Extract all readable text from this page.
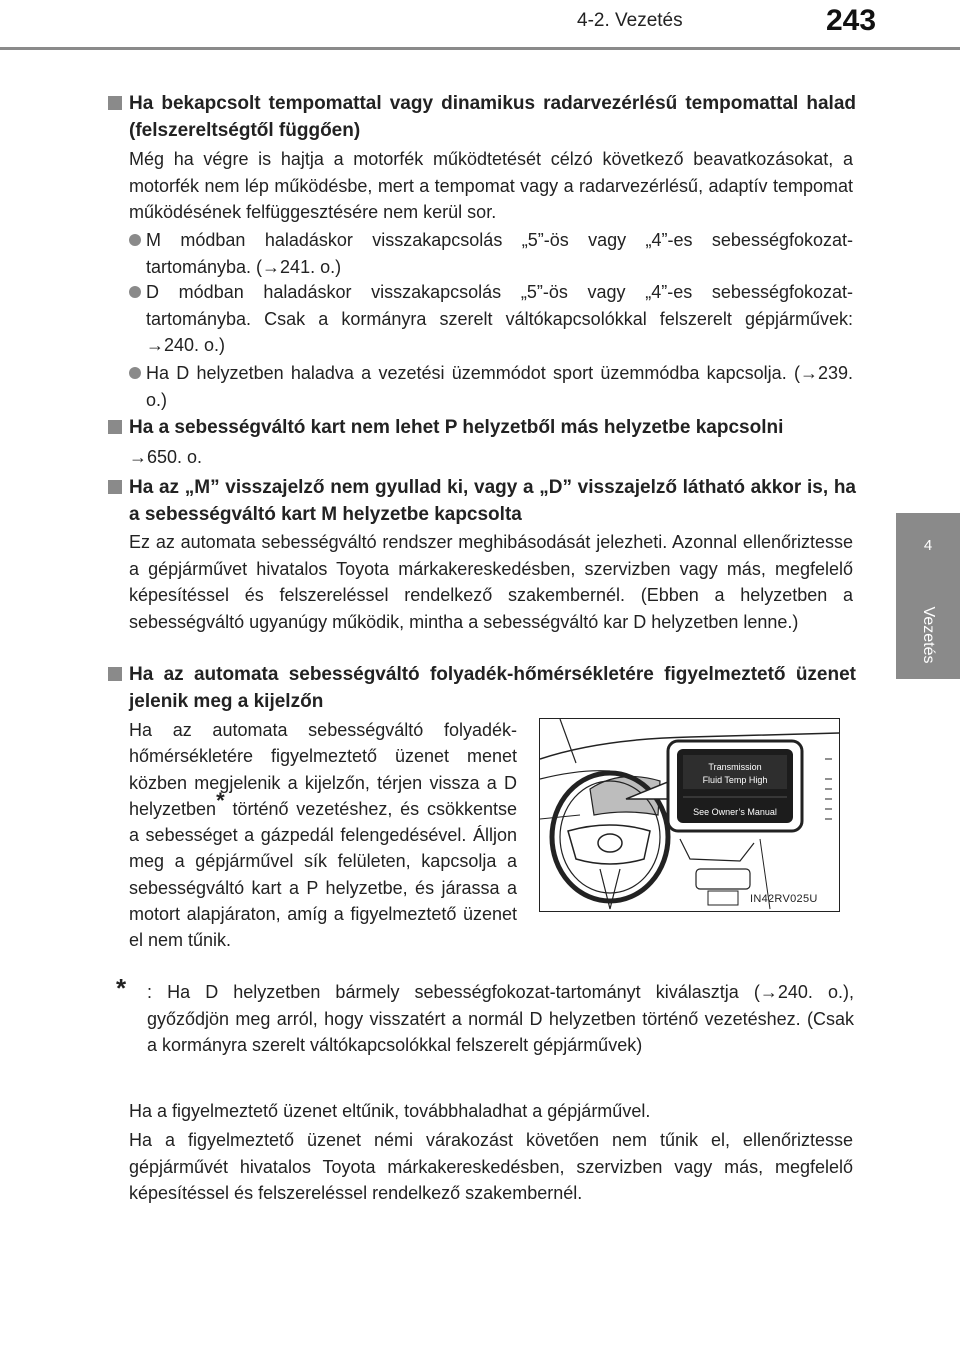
4-2. Vezetés	243
4
Vezetés
Ha bekapcsolt tempomattal vagy dinamikus radarvezérlésű tempomattal halad (felszereltségtől függően)
Még ha végre is hajtja a motorfék működtetését célzó következő beavatkozásokat, a motorfék nem lép működésbe, mert a tempomat vagy a radarvezérlésű, adaptív tempomat működésének felfüggesztésére nem kerül sor.
M módban haladáskor visszakapcsolás „5”-ös vagy „4”-es sebességfokozat-tartományba. (→241. o.)
D módban haladáskor visszakapcsolás „5”-ös vagy „4”-es sebességfokozat-tartományba. Csak a kormányra szerelt váltókapcsolókkal felszerelt gépjárművek: →240. o.)
Ha D helyzetben haladva a vezetési üzemmódot sport üzemmódba kapcsolja. (→239. o.)
Ha a sebességváltó kart nem lehet P helyzetből más helyzetbe kapcsolni
→650. o.
Ha az „M” visszajelző nem gyullad ki, vagy a „D” visszajelző látható akkor is, ha a sebességváltó kart M helyzetbe kapcsolta
Ez az automata sebességváltó rendszer meghibásodását jelezheti. Azonnal ellenőriztesse a gépjárművet hivatalos Toyota márkakereskedésben, szervizben vagy más, megfelelő képesítéssel és felszereléssel rendelkező szakembernél. (Ebben a helyzetben a sebességváltó ugyanúgy működik, mintha a sebességváltó kar D helyzetben lenne.)
Ha az automata sebességváltó folyadék-hőmérsékletére figyelmeztető üzenet jelenik meg a kijelzőn
Ha az automata sebességváltó folyadék-hőmérsékletére figyelmeztető üzenet menet közben megjelenik a kijelzőn, térjen vissza a D helyzetben* történő vezetéshez, és csökkentse a sebességet a gázpedál felengedésével. Álljon meg a gépjárművel sík felületen, kapcsolja a sebességváltó kart a P helyzetbe, és járassa a motort alapjáraton, amíg a figyelmeztető üzenet el nem tűnik.
Transmission
Fluid Temp High
See Owner’s Manual
IN42RV025U
*	: Ha D helyzetben bármely sebességfokozat-tartományt kiválasztja (→240. o.), győződjön meg arról, hogy visszatért a normál D helyzetben történő vezetéshez. (Csak a kormányra szerelt váltókapcsolókkal felszerelt gépjárművek)
Ha a figyelmeztető üzenet eltűnik, továbbhaladhat a gépjárművel.
Ha a figyelmeztető üzenet némi várakozást követően nem tűnik el, ellenőriztesse gépjárművét hivatalos Toyota márkakereskedésben, szervizben vagy más, megfelelő képesítéssel és felszereléssel rendelkező szakembernél.
